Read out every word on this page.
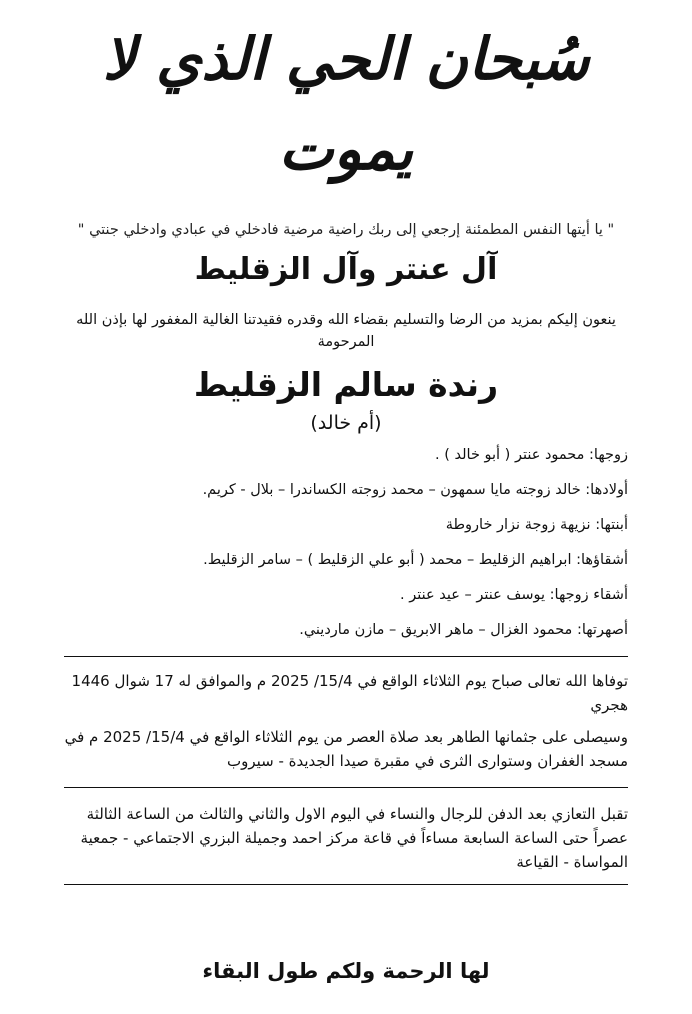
سُبحان الحي الذي لا يموت
" يا أيتها النفس المطمئنة إرجعي إلى ربك راضية مرضية فادخلي في عبادي وادخلي جنتي "
آل عنتر وآل الزقليط
ينعون إليكم بمزيد من الرضا والتسليم بقضاء الله وقدره فقيدتنا الغالية المغفور لها بإذن الله المرحومة
رندة سالم الزقليط
(أم خالد)
زوجها: محمود عنتر ( أبو خالد ) .
أولادها: خالد زوجته مايا سمهون – محمد زوجته الكساندرا – بلال - كريم.
أبنتها: نزيهة زوجة نزار خاروطة
أشقاؤها: ابراهيم الزقليط – محمد ( أبو علي الزقليط ) – سامر الزقليط.
أشقاء زوجها: يوسف عنتر – عيد عنتر .
أصهرتها: محمود الغزال – ماهر الابريق – مازن مارديني.

توفاها الله تعالى صباح يوم الثلاثاء الواقع في 15/4/ 2025 م والموافق له 17 شوال 1446 هجري

وسيصلى على جثمانها الطاهر بعد صلاة العصر من يوم الثلاثاء الواقع في 15/4/ 2025 م في مسجد الغفران وستوارى الثرى في مقبرة صيدا الجديدة - سيروب

تقبل التعازي بعد الدفن للرجال والنساء في اليوم الاول والثاني والثالث من الساعة الثالثة عصراً حتى الساعة السابعة مساءاً في قاعة مركز احمد وجميلة البزري الاجتماعي - جمعية المواساة - القياعة
لها الرحمة ولكم طول البقاء
